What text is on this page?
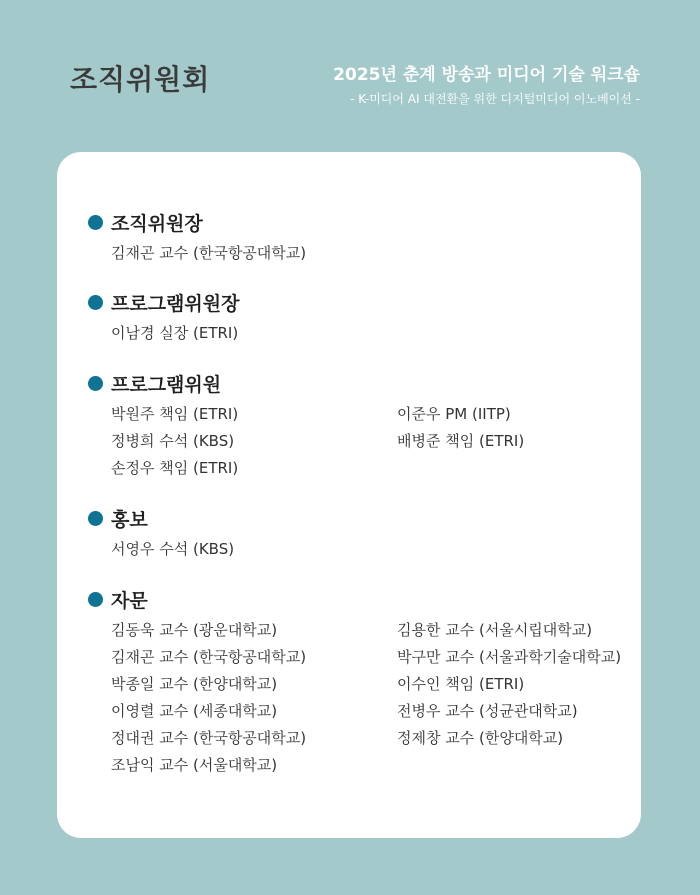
조직위원회	2025년 춘계 방송과 미디어 기술 워크숍
- K-미디어 AI 대전환을 위한 디지털미디어 이노베이션 -
조직위원장
김재곤 교수 (한국항공대학교)
프로그램위원장
이남경 실장 (ETRI)
프로그램위원
박원주 책임 (ETRI)
정병희 수석 (KBS)
손정우 책임 (ETRI)
이준우 PM (IITP)
배병준 책임 (ETRI)
홍보
서영우 수석 (KBS)
자문
김동욱 교수 (광운대학교)
김재곤 교수 (한국항공대학교)
박종일 교수 (한양대학교)
이영렬 교수 (세종대학교)
정대권 교수 (한국항공대학교)
조남익 교수 (서울대학교)
김용한 교수 (서울시립대학교)
박구만 교수 (서울과학기술대학교)
이수인 책임 (ETRI)
전병우 교수 (성균관대학교)
정제창 교수 (한양대학교)
